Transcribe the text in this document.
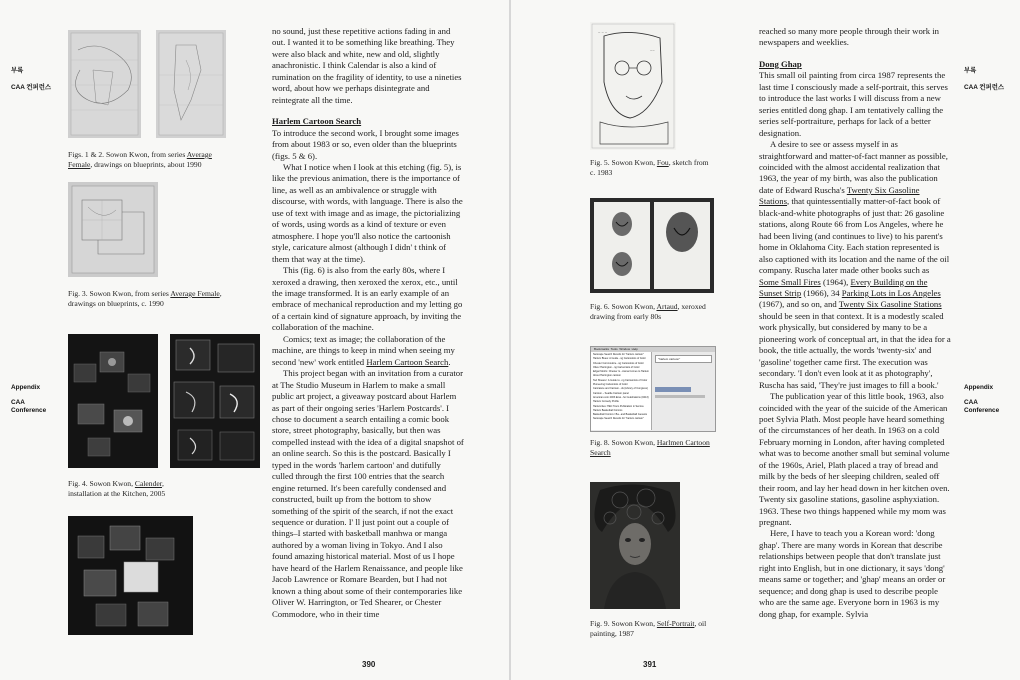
부록
CAA 컨퍼런스
Appendix
CAA
Conference
Figs. 1 & 2. Sowon Kwon, from series Average Female, drawings on blueprints, about 1990
Fig. 3. Sowon Kwon, from series Average Female, drawings on blueprints, c. 1990
Fig. 4. Sowon Kwon, Calender, installation at the Kitchen, 2005

no sound, just these repetitive actions fading in and out. I wanted it to be something like breathing. They were also black and white, new and old, slightly anachronistic. I think Calendar is also a kind of rumination on the fragility of identity, to use a nineties word, about how we perhaps disintegrate and reintegrate all the time.

Harlem Cartoon Search

To introduce the second work, I brought some images from about 1983 or so, even older than the blueprints (figs. 5 & 6).

What I notice when I look at this etching (fig. 5), is like the previous animation, there is the importance of line, as well as an ambivalence or struggle with discourse, with words, with language. There is also the use of text with image and as image, the pictorializing of words, using words as a kind of texture or even atmosphere. I hope you'll also notice the cartoonish style, caricature almost (although I didn' t think of them that way at the time).

This (fig. 6) is also from the early 80s, where I xeroxed a drawing, then xeroxed the xerox, etc., until the image transformed. It is an early example of an embrace of mechanical reproduction and my letting go of a certain kind of signature approach, by inviting the collaboration of the machine.

Comics; text as image; the collaboration of the machine, are things to keep in mind when seeing my second 'new' work entitled Harlem Cartoon Search.

This project began with an invitation from a curator at The Studio Museum in Harlem to make a small public art project, a giveaway postcard about Harlem as part of their ongoing series 'Harlem Postcards'. I chose to document a search entailing a comic book store, street photography, basically, but then was compelled instead with the idea of a digital snapshot of an online search. So this is the postcard. Basically I typed in the words 'harlem cartoon' and dutifully culled through the first 100 entries that the search engine returned. It's been carefully condensed and constructed, built up from the bottom to show something of the spirit of the search, if not the exact sequence or duration. I' ll just point out a couple of things–I started with basketball manhwa or manga authored by a woman living in Tokyo. And I also found amazing historical material. Most of us I hope have heard of the Harlem Renaissance, and people like Jacob Lawrence or Romare Bearden, but I had not known a thing about some of their contemporaries like Oliver W. Harrington, or Ted Shearer, or Chester Commodore, who in their time

390
부록
CAA 컨퍼런스
Appendix
CAA
Conference
~ ~ ~
~~
Fig. 5. Sowon Kwon, Fou, sketch from c. 1983
Fig. 6. Sowon Kwon, Artaud, xeroxed drawing from early 80s
Bookmarks Tools Window Help
Netscape Search Results for "harlem cartoon"
Harlem Blues: A Guide...ng Cartoonists of Color
Chester Commodore...ng Cartoonists of Color
Oliver Harrington...ng Cartoonists of Color
Edgar Morris: Chester Is...icama Comes to Harlem
About Harrington cartoon
Ted Shearer: A Guide to...ng Cartoonists of Color
Pioneering Cartoonists of Color
Caricature and Cartoon...ds (Library of Congress)
Cartoon – Seattle Cartoon panel
American.com 2003 Eras...ho Celebrations (#413)
Harlem Comedy Profile
Harlemrites: HEC Tours Publication in Service
Harlem Basketball Comics
Basketball Comics / Ba...and Basketball Genesis
Netscape Search Results for "harlem cartoon"
"harlem cartoon"
Fig. 8. Sowon Kwon, Harlmen Cartoon Search
Fig. 9. Sowon Kwon, Self-Portrait, oil painting, 1987

reached so many more people through their work in newspapers and weeklies.

Dong Ghap

This small oil painting from circa 1987 represents the last time I consciously made a self-portrait, this serves to introduce the last works I will discuss from a new series entitled dong ghap. I am tentatively calling the series self-portraiture, perhaps for lack of a better designation.

A desire to see or assess myself in as straightforward and matter-of-fact manner as possible, coincided with the almost accidental realization that 1963, the year of my birth, was also the publication date of Edward Ruscha's Twenty Six Gasoline Stations, that quintessentially matter-of-fact book of black-and-white photographs of just that: 26 gasoline stations, along Route 66 from Los Angeles, where he had been living (and continues to live) to his parent's home in Oklahoma City. Each station represented is also captioned with its location and the name of the oil company. Ruscha later made other books such as Some Small Fires (1964), Every Building on the Sunset Strip (1966), 34 Parking Lots in Los Angeles (1967), and so on, and Twenty Six Gasoline Stations should be seen in that context. It is a modestly scaled work physically, but considered by many to be a pioneering work of conceptual art, in that the idea for a book, the title actually, the words 'twenty-six' and 'gasoline' together came first. The execution was secondary. 'I don't even look at it as photography', Ruscha has said, 'They're just images to fill a book.'

The publication year of this little book, 1963, also coincided with the year of the suicide of the American poet Sylvia Plath. Most people have heard something of the circumstances of her death. In 1963 on a cold February morning in London, after having completed what was to become another small but seminal volume of the 1960s, Ariel, Plath placed a tray of bread and milk by the beds of her sleeping children, sealed off their room, and lay her head down in her kitchen oven. Twenty six gasoline stations, gasoline asphyxiation. 1963. These two things happened while my mom was pregnant.

Here, I have to teach you a Korean word: 'dong ghap'. There are many words in Korean that describe relationships between people that don't translate just right into English, but in one dictionary, it says 'dong' means same or together; and 'ghap' means an order or sequence; and dong ghap is used to describe people who are the same age. Everyone born in 1963 is my dong ghap, for example. Sylvia

391
